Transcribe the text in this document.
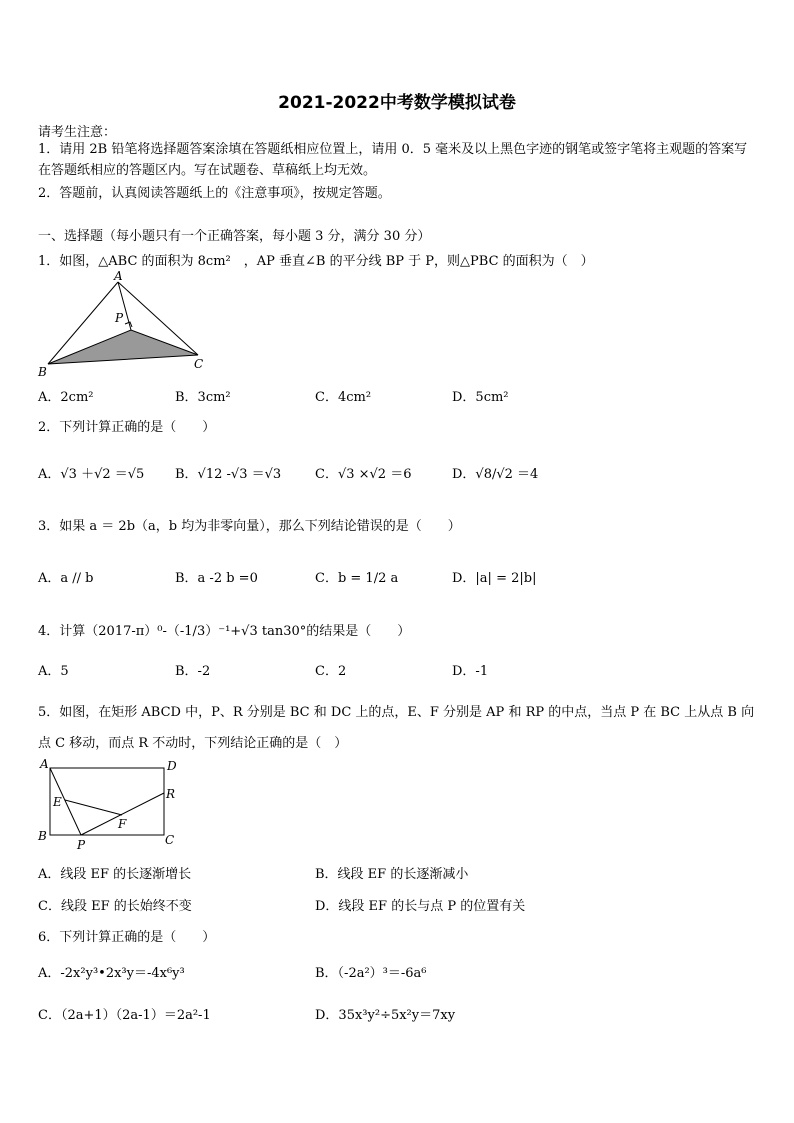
2021-2022中考数学模拟试卷
请考生注意：
1．请用 2B 铅笔将选择题答案涂填在答题纸相应位置上，请用 0．5 毫米及以上黑色字迹的钢笔或签字笔将主观题的答案写在答题纸相应的答题区内。写在试题卷、草稿纸上均无效。
2．答题前，认真阅读答题纸上的《注意事项》，按规定答题。
一、选择题（每小题只有一个正确答案，每小题 3 分，满分 30 分）
1．如图，△ABC 的面积为 8cm²　，AP 垂直∠B 的平分线 BP 于 P，则△PBC 的面积为（　）
A
P
B
C
A．2cm²	B．3cm²	C．4cm²	D．5cm²
2．下列计算正确的是（　　）
A．√3 ＋√2 ＝√5 B．√12 -√3 ＝√3	C．√3 ×√2 ＝6	D．√8/√2 ＝4
3．如果 a ＝ 2b（a，b 均为非零向量），那么下列结论错误的是（　　）
A．a // b	B．a -2 b =0	C．b = 1/2 a	D．|a| = 2|b|
4．计算（2017-π）⁰-（-1/3）⁻¹+√3 tan30°的结果是（　　）
A．5	B．-2	C．2	D．-1
5．如图，在矩形 ABCD 中，P、R 分别是 BC 和 DC 上的点，E、F 分别是 AP 和 RP 的中点，当点 P 在 BC 上从点 B 向点 C 移动，而点 R 不动时，下列结论正确的是（　）
A	D
R
E
F
B
P	C
A．线段 EF 的长逐渐增长	B．线段 EF 的长逐渐减小
C．线段 EF 的长始终不变	D．线段 EF 的长与点 P 的位置有关
6．下列计算正确的是（　　）
A．-2x²y³•2x³y＝-4x⁶y³	B．（-2a²）³＝-6a⁶
C．（2a+1）（2a-1）＝2a²-1	D．35x³y²÷5x²y＝7xy
